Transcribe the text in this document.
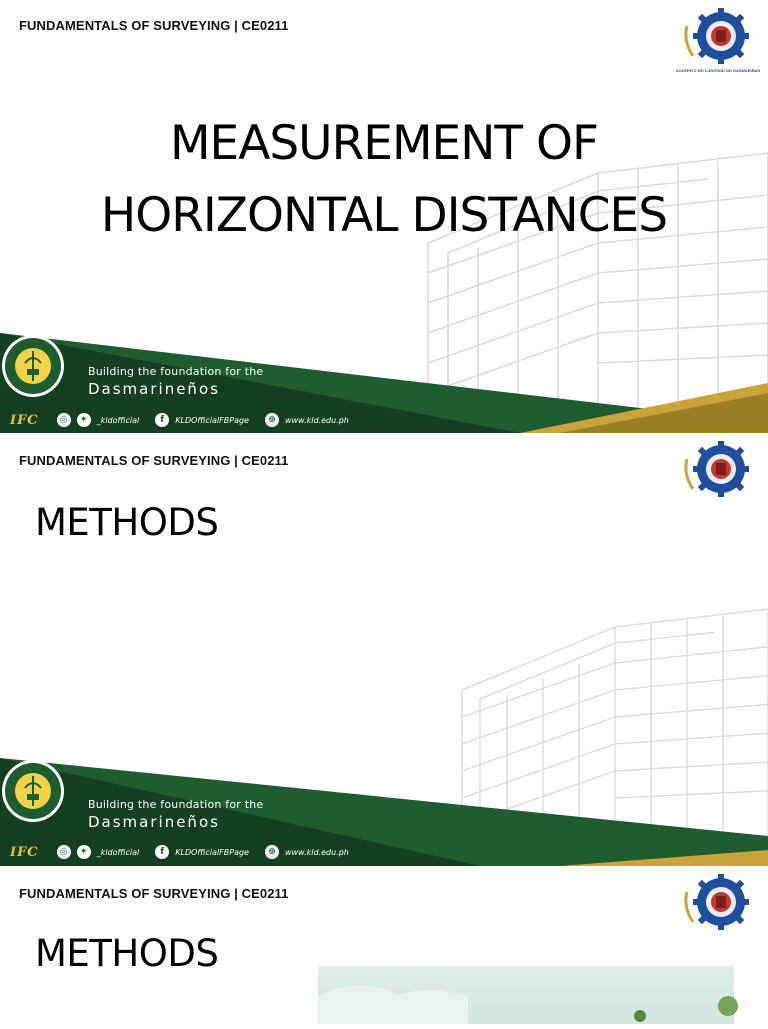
FUNDAMENTALS OF SURVEYING | CE0211
KOLEHIYO NG LUNGSOD NG DASMARIÑAS
MEASUREMENT OF
HORIZONTAL DISTANCES
Building the foundation for the
Dasmarineños
IFC	◎	✦	_kldofficial	f	KLDOfficialFBPage	⊕	www.kld.edu.ph
FUNDAMENTALS OF SURVEYING | CE0211
METHODS
Building the foundation for the
Dasmarineños
IFC	◎	✦	_kldofficial	f	KLDOfficialFBPage	⊕	www.kld.edu.ph
FUNDAMENTALS OF SURVEYING | CE0211
METHODS
